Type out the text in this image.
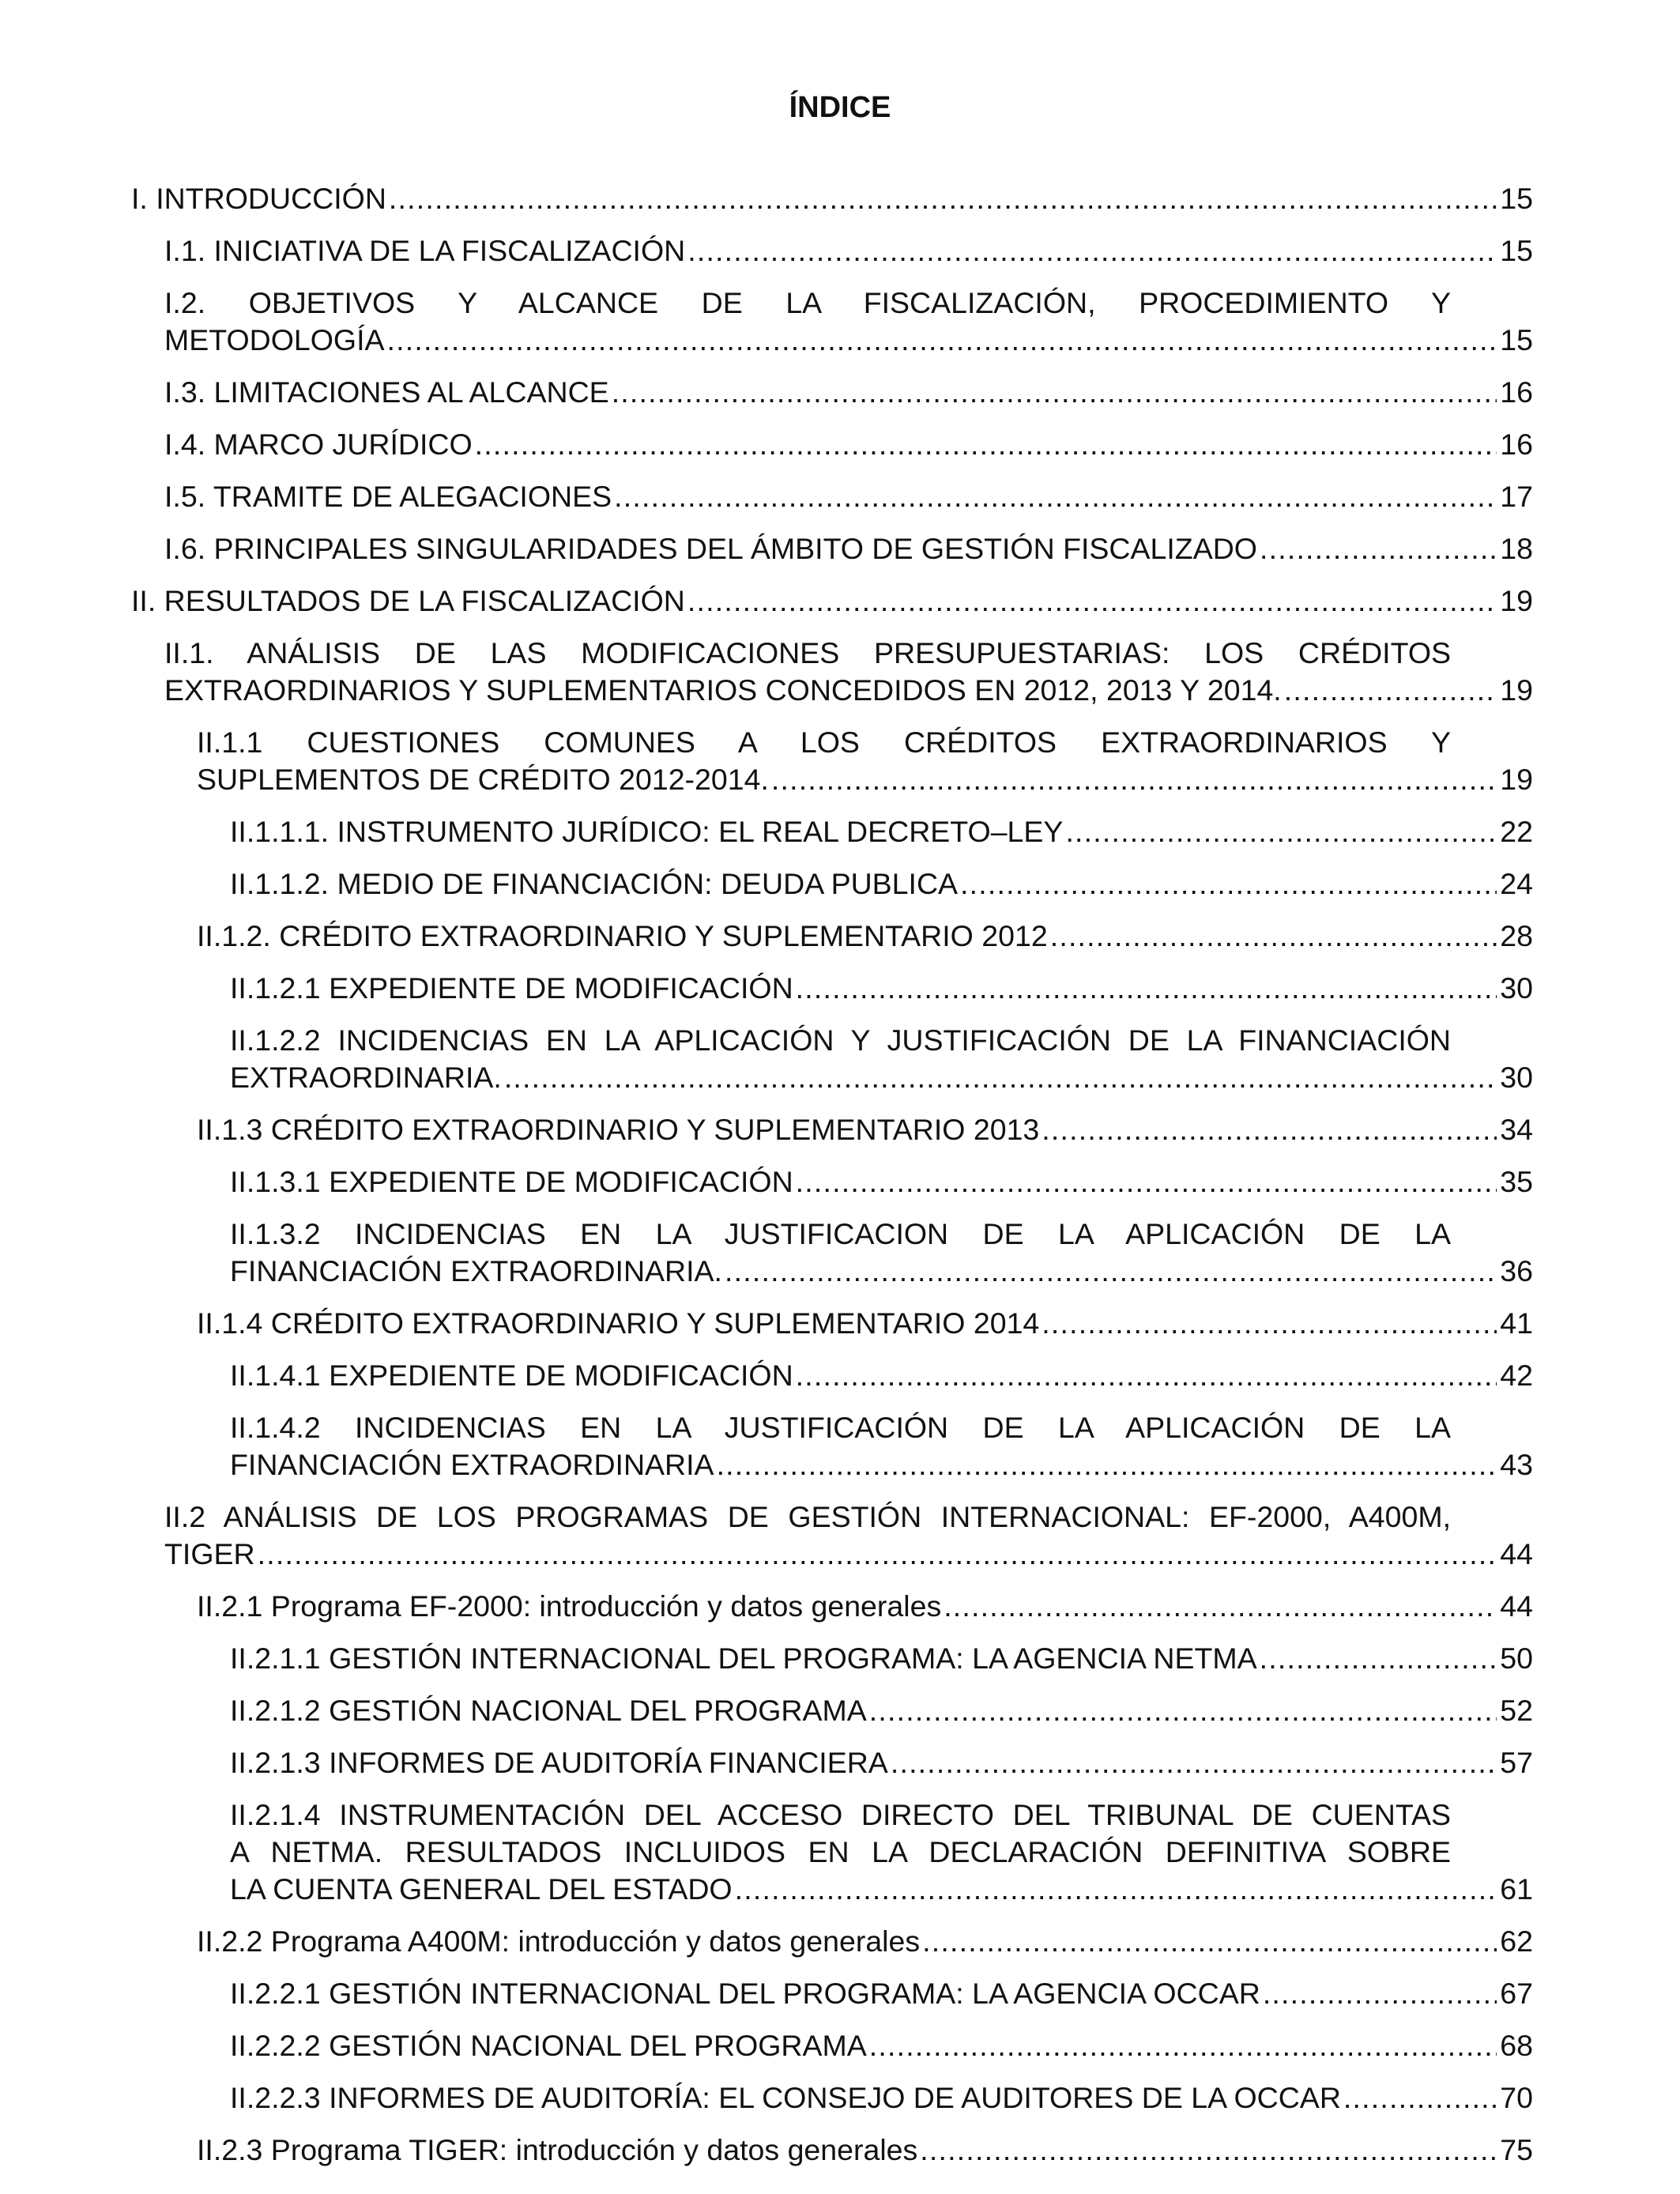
ÍNDICE
I. INTRODUCCIÓN .....	15
I.1. INICIATIVA DE LA FISCALIZACIÓN .....	15
I.2. OBJETIVOS Y ALCANCE DE LA FISCALIZACIÓN, PROCEDIMIENTO Y
METODOLOGÍA .....	15
I.3. LIMITACIONES AL ALCANCE .....	16
I.4. MARCO JURÍDICO .....	16
I.5. TRAMITE DE ALEGACIONES .....	17
I.6. PRINCIPALES SINGULARIDADES DEL ÁMBITO DE GESTIÓN FISCALIZADO .....	18
II. RESULTADOS DE LA FISCALIZACIÓN .....	19
II.1. ANÁLISIS DE LAS MODIFICACIONES PRESUPUESTARIAS: LOS CRÉDITOS
EXTRAORDINARIOS Y SUPLEMENTARIOS CONCEDIDOS EN 2012, 2013 Y 2014. .....	19
II.1.1 CUESTIONES COMUNES A LOS CRÉDITOS EXTRAORDINARIOS Y
SUPLEMENTOS DE CRÉDITO 2012-2014. .....	19
II.1.1.1. INSTRUMENTO JURÍDICO: EL REAL DECRETO–LEY .....	22
II.1.1.2. MEDIO DE FINANCIACIÓN: DEUDA PUBLICA .....	24
II.1.2. CRÉDITO EXTRAORDINARIO Y SUPLEMENTARIO 2012 .....	28
II.1.2.1 EXPEDIENTE DE MODIFICACIÓN .....	30
II.1.2.2 INCIDENCIAS EN LA APLICACIÓN Y JUSTIFICACIÓN DE LA FINANCIACIÓN
EXTRAORDINARIA. .....	30
II.1.3 CRÉDITO EXTRAORDINARIO Y SUPLEMENTARIO 2013 .....	34
II.1.3.1 EXPEDIENTE DE MODIFICACIÓN .....	35
II.1.3.2 INCIDENCIAS EN LA JUSTIFICACION DE LA APLICACIÓN DE LA
FINANCIACIÓN EXTRAORDINARIA. .....	36
II.1.4 CRÉDITO EXTRAORDINARIO Y SUPLEMENTARIO 2014 .....	41
II.1.4.1 EXPEDIENTE DE MODIFICACIÓN .....	42
II.1.4.2 INCIDENCIAS EN LA JUSTIFICACIÓN DE LA APLICACIÓN DE LA
FINANCIACIÓN EXTRAORDINARIA .....	43
II.2 ANÁLISIS DE LOS PROGRAMAS DE GESTIÓN INTERNACIONAL: EF-2000, A400M,
TIGER .....	44
II.2.1 Programa EF-2000: introducción y datos generales .....	44
II.2.1.1 GESTIÓN INTERNACIONAL DEL PROGRAMA: LA AGENCIA NETMA .....	50
II.2.1.2 GESTIÓN NACIONAL DEL PROGRAMA .....	52
II.2.1.3 INFORMES DE AUDITORÍA FINANCIERA .....	57
II.2.1.4 INSTRUMENTACIÓN DEL ACCESO DIRECTO DEL TRIBUNAL DE CUENTAS
A NETMA. RESULTADOS INCLUIDOS EN LA DECLARACIÓN DEFINITIVA SOBRE
LA CUENTA GENERAL DEL ESTADO .....	61
II.2.2 Programa A400M: introducción y datos generales .....	62
II.2.2.1 GESTIÓN INTERNACIONAL DEL PROGRAMA: LA AGENCIA OCCAR .....	67
II.2.2.2 GESTIÓN NACIONAL DEL PROGRAMA .....	68
II.2.2.3 INFORMES DE AUDITORÍA: EL CONSEJO DE AUDITORES DE LA OCCAR .....	70
II.2.3 Programa TIGER: introducción y datos generales .....	75
